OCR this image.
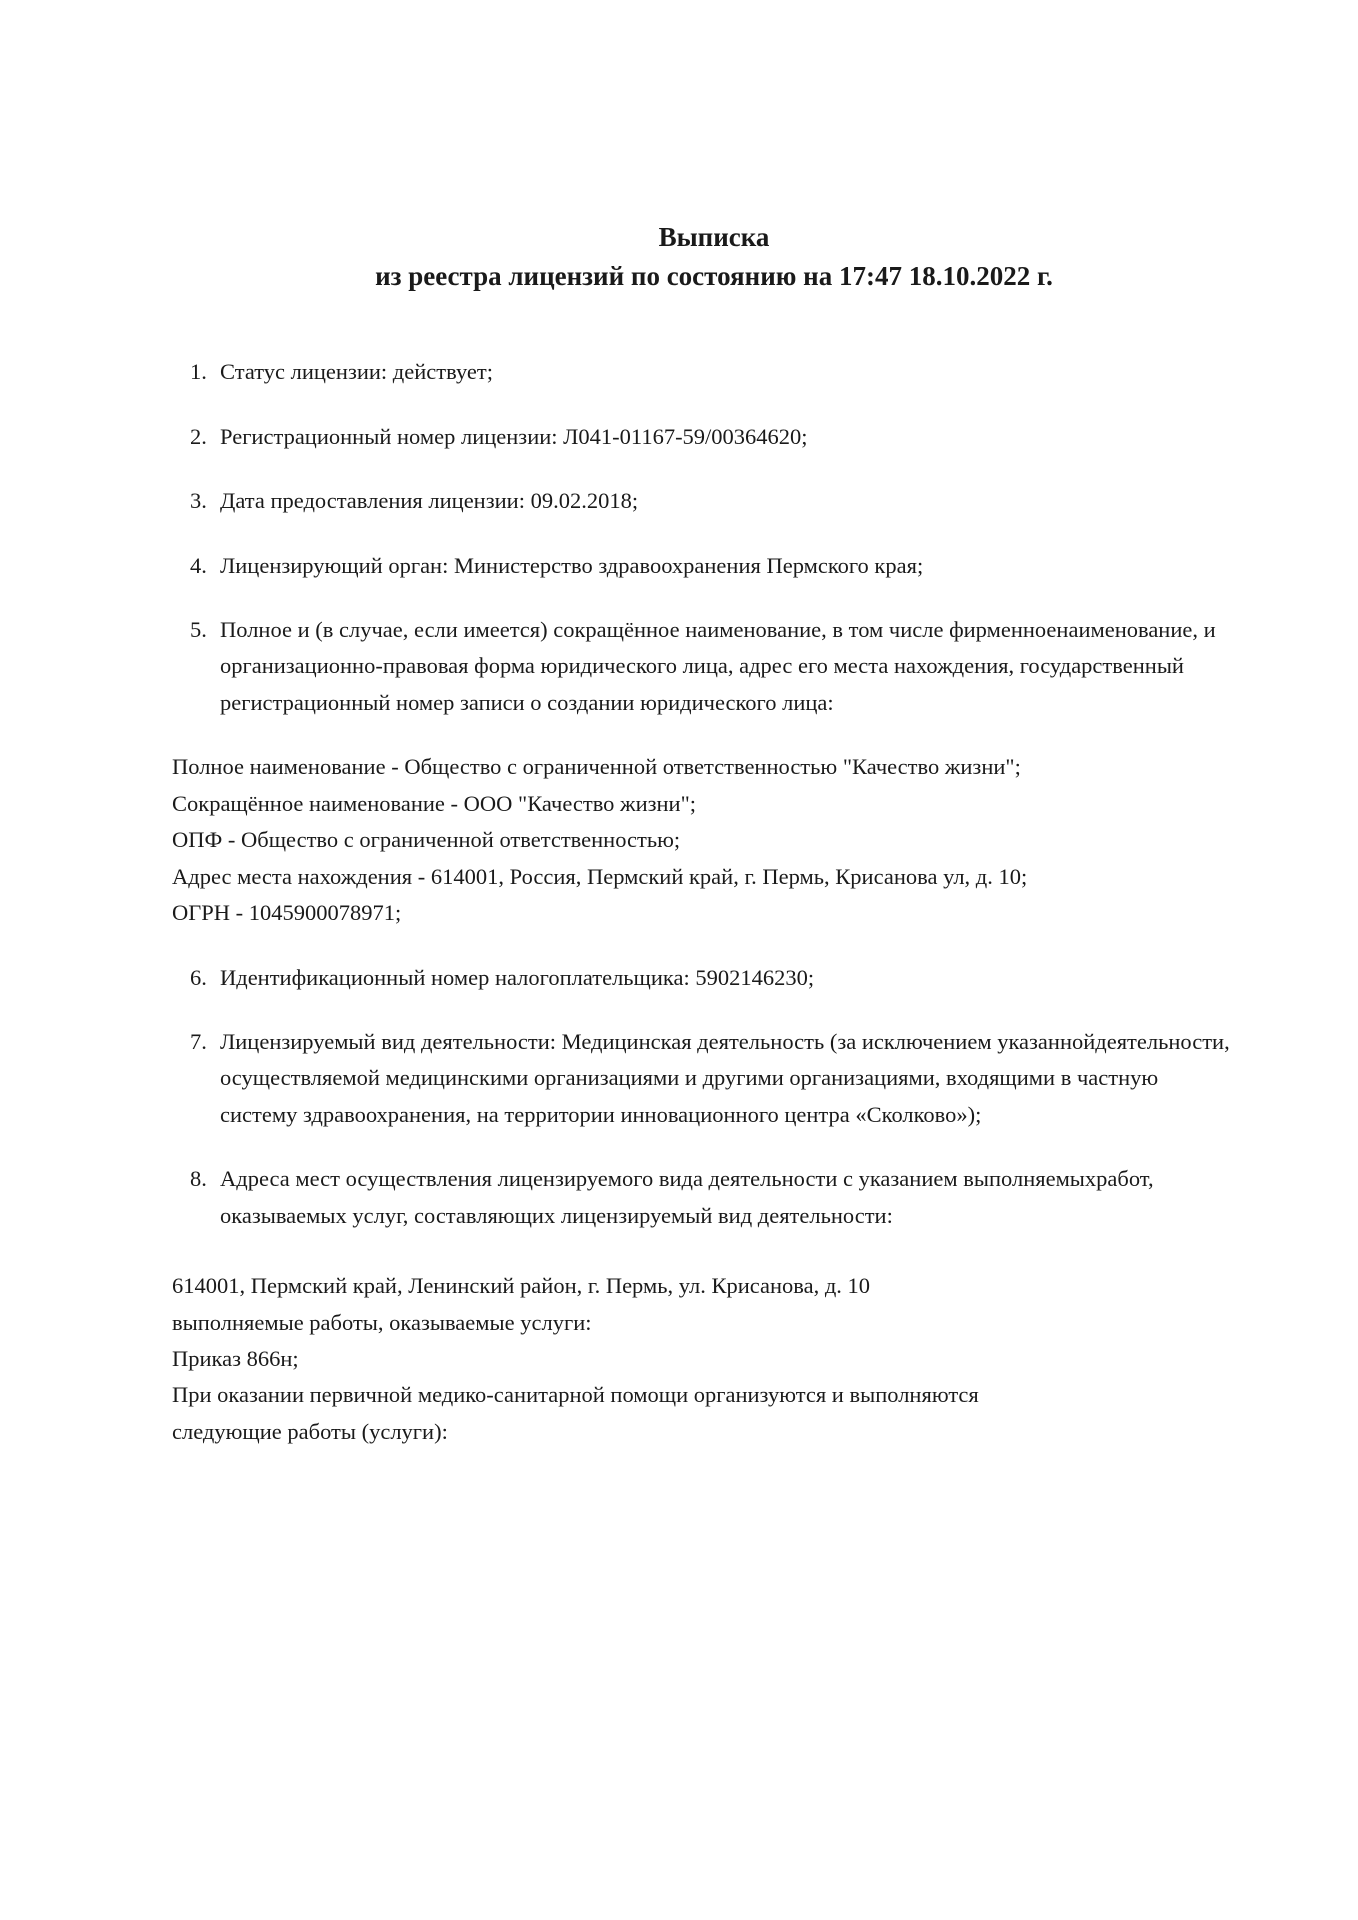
Выписка
из реестра лицензий по состоянию на 17:47 18.10.2022 г.
1. Статус лицензии: действует;
2. Регистрационный номер лицензии: Л041-01167-59/00364620;
3. Дата предоставления лицензии: 09.02.2018;
4. Лицензирующий орган: Министерство здравоохранения Пермского края;
5. Полное и (в случае, если имеется) сокращённое наименование, в том числе фирменноенаименование, и организационно-правовая форма юридического лица, адрес его места нахождения, государственный регистрационный номер записи о создании юридического лица:
Полное наименование - Общество с ограниченной ответственностью "Качество жизни";
Сокращённое наименование - ООО "Качество жизни";
ОПФ - Общество с ограниченной ответственностью;
Адрес места нахождения - 614001, Россия, Пермский край, г. Пермь, Крисанова ул, д. 10;
ОГРН - 1045900078971;
6. Идентификационный номер налогоплательщика: 5902146230;
7. Лицензируемый вид деятельности: Медицинская деятельность (за исключением указаннойдеятельности, осуществляемой медицинскими организациями и другими организациями, входящими в частную систему здравоохранения, на территории инновационного центра «Сколково»);
8. Адреса мест осуществления лицензируемого вида деятельности с указанием выполняемыхработ, оказываемых услуг, составляющих лицензируемый вид деятельности:
614001, Пермский край, Ленинский район, г. Пермь, ул. Крисанова, д. 10
выполняемые работы, оказываемые услуги:
Приказ 866н;
При оказании первичной медико-санитарной помощи организуются и выполняются
следующие работы (услуги):
